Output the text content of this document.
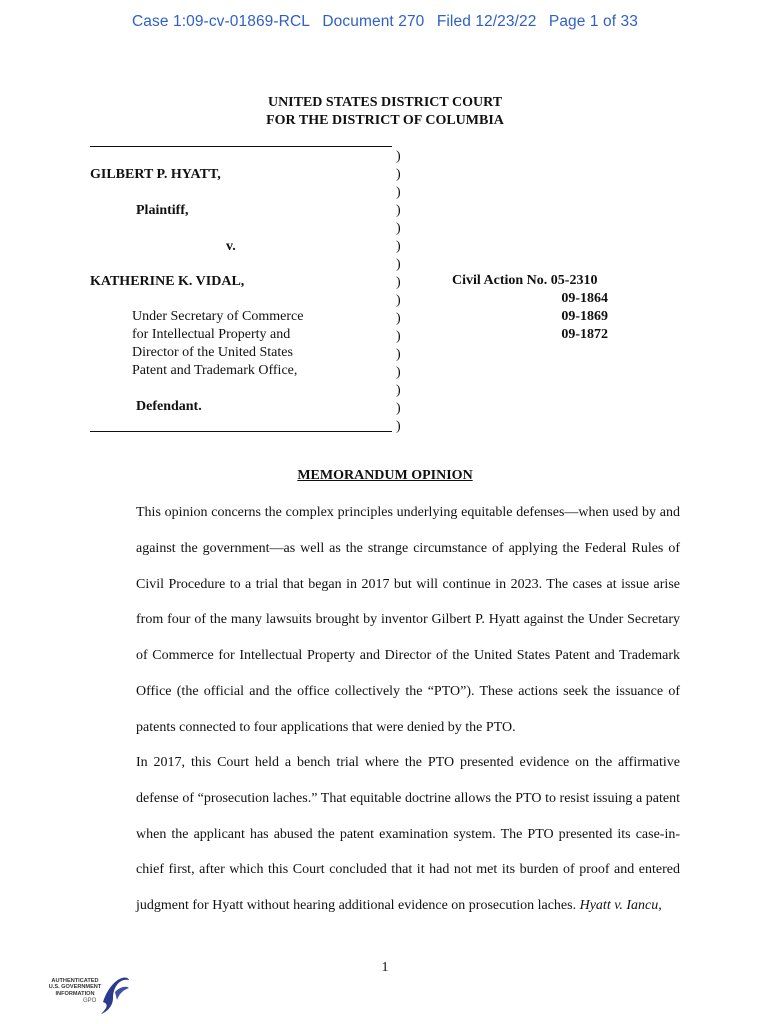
Case 1:09-cv-01869-RCL Document 270 Filed 12/23/22 Page 1 of 33
UNITED STATES DISTRICT COURT
FOR THE DISTRICT OF COLUMBIA
)
)
)
)
)
)
)
)
)
)
)
)
)
)
)
)
GILBERT P. HYATT,
Plaintiff,
v.
KATHERINE K. VIDAL,
Under Secretary of Commerce
for Intellectual Property and
Director of the United States
Patent and Trademark Office,
Defendant.
Civil Action No. 05-2310
09-1864
09-1869
09-1872
MEMORANDUM OPINION

This opinion concerns the complex principles underlying equitable defenses—when used by and against the government—as well as the strange circumstance of applying the Federal Rules of Civil Procedure to a trial that began in 2017 but will continue in 2023. The cases at issue arise from four of the many lawsuits brought by inventor Gilbert P. Hyatt against the Under Secretary of Commerce for Intellectual Property and Director of the United States Patent and Trademark Office (the official and the office collectively the “PTO”). These actions seek the issuance of patents connected to four applications that were denied by the PTO.

In 2017, this Court held a bench trial where the PTO presented evidence on the affirmative defense of “prosecution laches.” That equitable doctrine allows the PTO to resist issuing a patent when the applicant has abused the patent examination system. The PTO presented its case-in-chief first, after which this Court concluded that it had not met its burden of proof and entered judgment for Hyatt without hearing additional evidence on prosecution laches. Hyatt v. Iancu,

1
AUTHENTICATED
U.S. GOVERNMENT
INFORMATION
GPO
